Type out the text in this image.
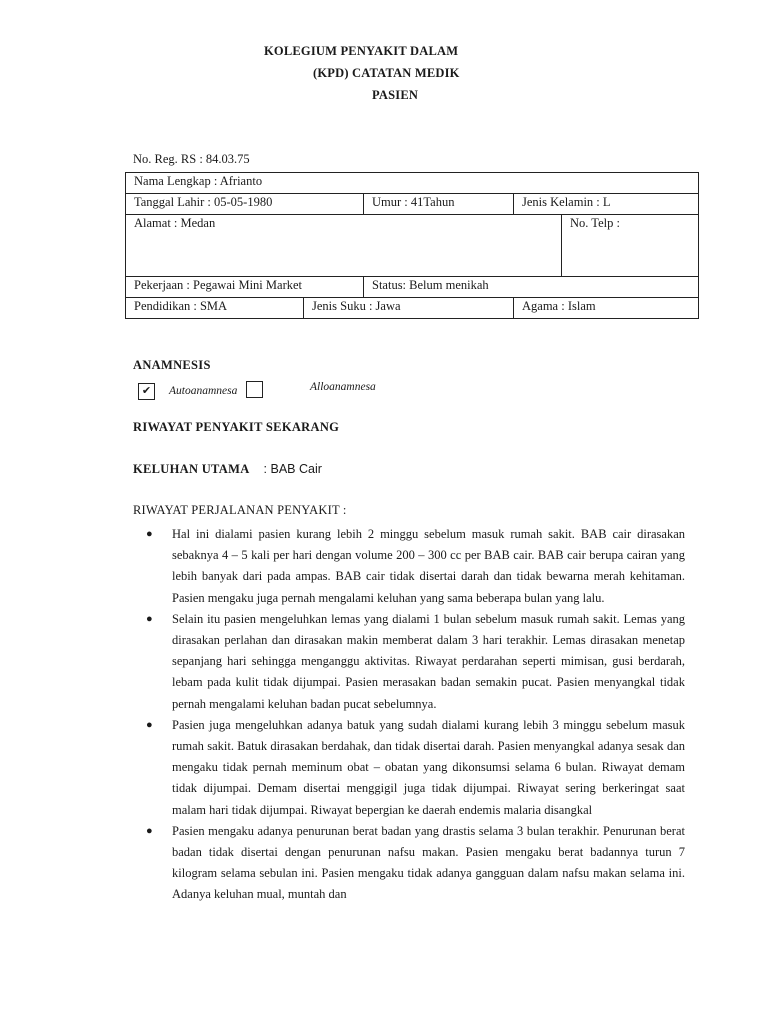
KOLEGIUM PENYAKIT DALAM
(KPD) CATATAN MEDIK
PASIEN
No. Reg. RS : 84.03.75
Nama Lengkap : Afrianto				
Tanggal Lahir : 05-05-1980		Umur : 41Tahun	Jenis Kelamin : L	
Alamat : Medan				No. Telp :
Pekerjaan : Pegawai Mini Market		Status: Belum menikah		
Pendidikan : SMA	Jenis Suku : Jawa		Agama : Islam	
ANAMNESIS
✔	Autoanamnesa	Alloanamnesa
RIWAYAT PENYAKIT SEKARANG
KELUHAN UTAMA : BAB Cair
RIWAYAT PERJALANAN PENYAKIT :
● Hal ini dialami pasien kurang lebih 2 minggu sebelum masuk rumah sakit. BAB cair dirasakan sebaknya 4 – 5 kali per hari dengan volume 200 – 300 cc per BAB cair. BAB cair berupa cairan yang lebih banyak dari pada ampas. BAB cair tidak disertai darah dan tidak bewarna merah kehitaman. Pasien mengaku juga pernah mengalami keluhan yang sama beberapa bulan yang lalu.
● Selain itu pasien mengeluhkan lemas yang dialami 1 bulan sebelum masuk rumah sakit. Lemas yang dirasakan perlahan dan dirasakan makin memberat dalam 3 hari terakhir. Lemas dirasakan menetap sepanjang hari sehingga menganggu aktivitas. Riwayat perdarahan seperti mimisan, gusi berdarah, lebam pada kulit tidak dijumpai. Pasien merasakan badan semakin pucat. Pasien menyangkal tidak pernah mengalami keluhan badan pucat sebelumnya.
● Pasien juga mengeluhkan adanya batuk yang sudah dialami kurang lebih 3 minggu sebelum masuk rumah sakit. Batuk dirasakan berdahak, dan tidak disertai darah. Pasien menyangkal adanya sesak dan mengaku tidak pernah meminum obat – obatan yang dikonsumsi selama 6 bulan. Riwayat demam tidak dijumpai. Demam disertai menggigil juga tidak dijumpai. Riwayat sering berkeringat saat malam hari tidak dijumpai. Riwayat bepergian ke daerah endemis malaria disangkal
● Pasien mengaku adanya penurunan berat badan yang drastis selama 3 bulan terakhir. Penurunan berat badan tidak disertai dengan penurunan nafsu makan. Pasien mengaku berat badannya turun 7 kilogram selama sebulan ini. Pasien mengaku tidak adanya gangguan dalam nafsu makan selama ini. Adanya keluhan mual, muntah dan
